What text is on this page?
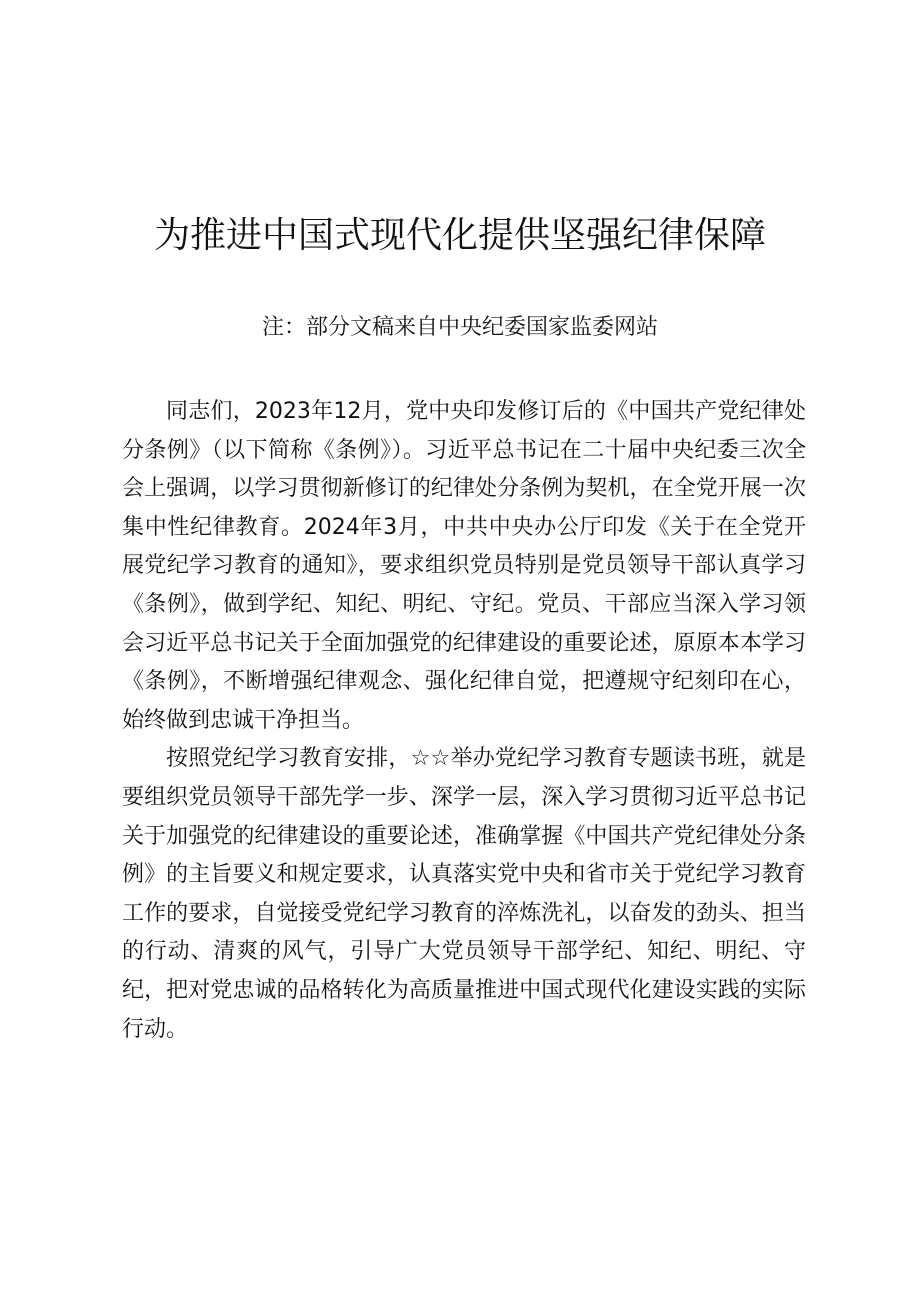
为推进中国式现代化提供坚强纪律保障

注：部分文稿来自中央纪委国家监委网站

同志们，2023年12月，党中央印发修订后的《中国共产党纪律处分条例》（以下简称《条例》）。习近平总书记在二十届中央纪委三次全会上强调，以学习贯彻新修订的纪律处分条例为契机，在全党开展一次集中性纪律教育。2024年3月，中共中央办公厅印发《关于在全党开展党纪学习教育的通知》，要求组织党员特别是党员领导干部认真学习《条例》，做到学纪、知纪、明纪、守纪。党员、干部应当深入学习领会习近平总书记关于全面加强党的纪律建设的重要论述，原原本本学习《条例》，不断增强纪律观念、强化纪律自觉，把遵规守纪刻印在心，始终做到忠诚干净担当。

按照党纪学习教育安排，☆☆举办党纪学习教育专题读书班，就是要组织党员领导干部先学一步、深学一层，深入学习贯彻习近平总书记关于加强党的纪律建设的重要论述，准确掌握《中国共产党纪律处分条例》的主旨要义和规定要求，认真落实党中央和省市关于党纪学习教育工作的要求，自觉接受党纪学习教育的淬炼洗礼，以奋发的劲头、担当的行动、清爽的风气，引导广大党员领导干部学纪、知纪、明纪、守纪，把对党忠诚的品格转化为高质量推进中国式现代化建设实践的实际行动。
